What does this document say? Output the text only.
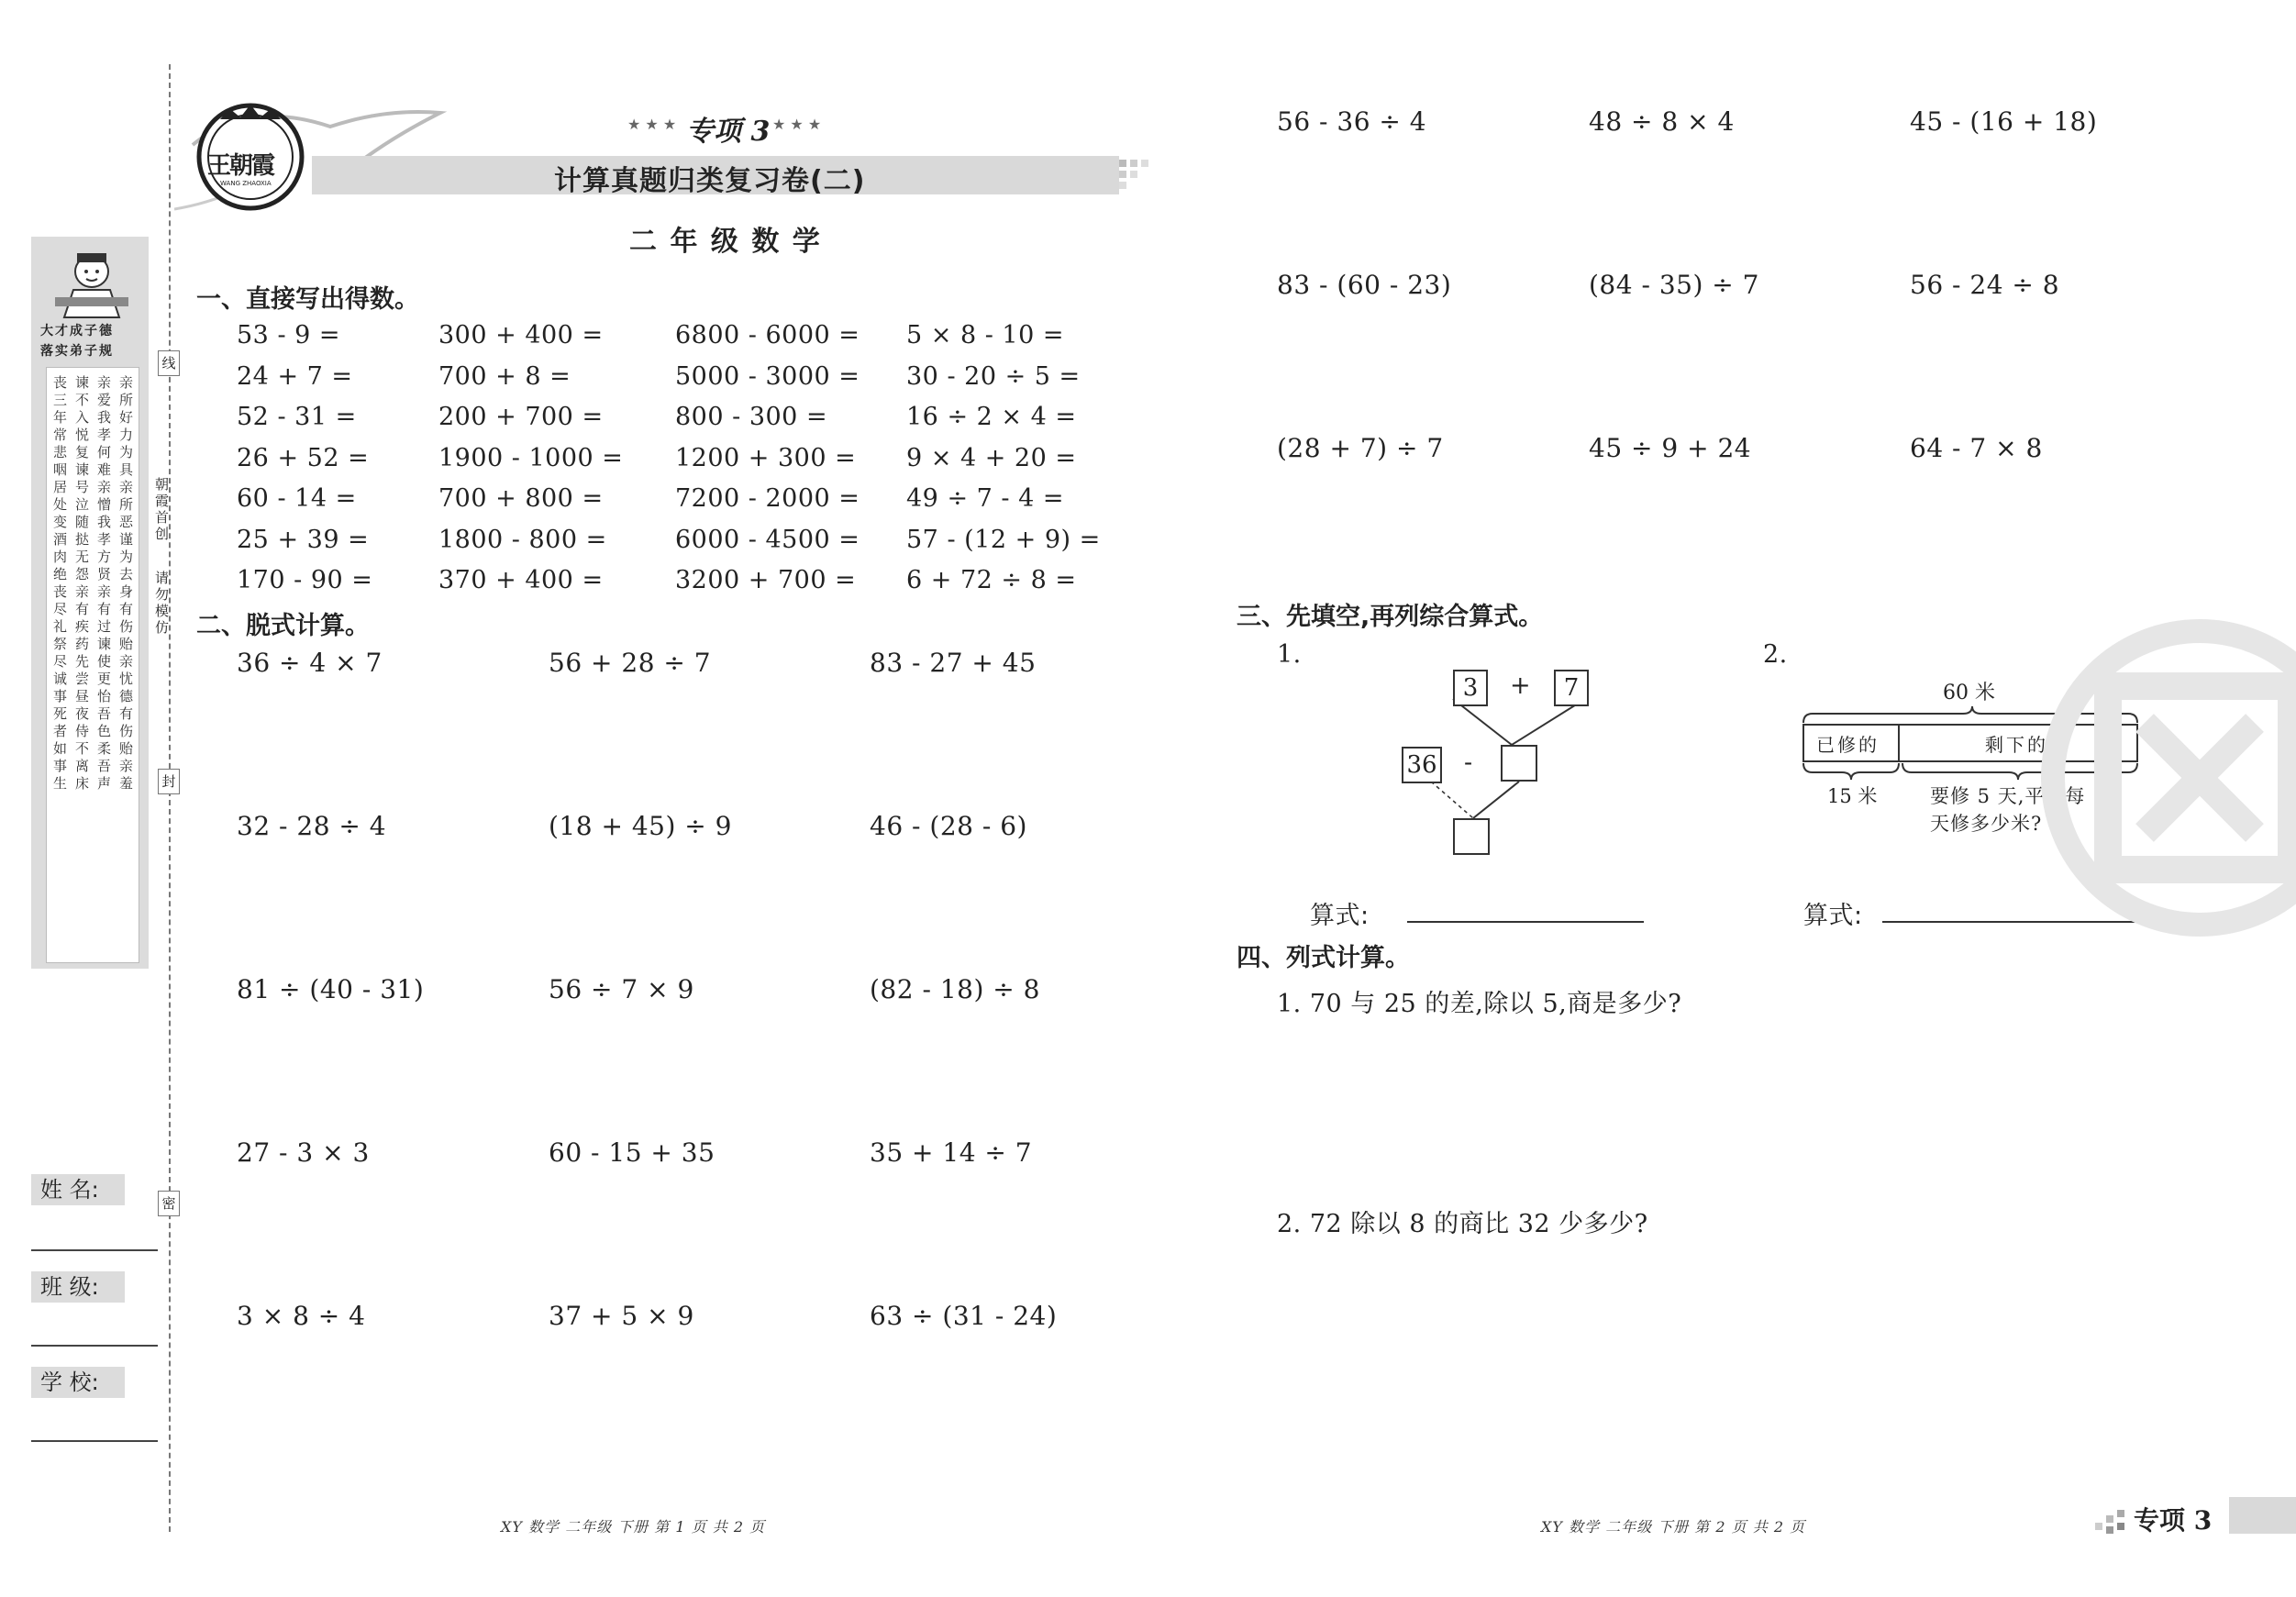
大才成子德
落实弟子规
亲所好力为具亲所恶谨为去身有伤贻亲忧德有伤贻亲羞
亲爱我孝何难亲憎我孝方贤亲有过谏使更怡吾色柔吾声
谏不入悦复谏号泣随挞无怨亲有疾药先尝昼夜侍不离床
丧三年常悲咽居处变酒肉绝丧尽礼祭尽诚事死者如事生
姓 名:
班 级:
学 校:
线
封
密
朝霞首创
请勿模仿
王朝霞
WANG ZHAOXIA
★ ★ ★ 专项 3 ★ ★ ★
计算真题归类复习卷(二)
二 年 级 数 学
一、直接写出得数。
二、脱式计算。	三、先填空,再列综合算式。
1.
3	+	7
36 -
算式:
2.
60 米
已修的	剩下的
15 米	要修 5 天,平均每
天修多少米?
算式:
四、列式计算。
1. 70 与 25 的差,除以 5,商是多少?
2. 72 除以 8 的商比 32 少多少?
XY 数学 二年级 下册 第 1 页 共 2 页	XY 数学 二年级 下册 第 2 页 共 2 页	专项 3
53 - 9 =	300 + 400 =	6800 - 6000 = 5 × 8 - 10 =
24 + 7 =	700 + 8 =	5000 - 3000 = 30 - 20 ÷ 5 =
52 - 31 =	200 + 700 =	800 - 300 =	16 ÷ 2 × 4 =
26 + 52 =	1900 - 1000 = 1200 + 300 = 9 × 4 + 20 =
60 - 14 =	700 + 800 =	7200 - 2000 = 49 ÷ 7 - 4 =
25 + 39 =	1800 - 800 =	6000 - 4500 = 57 - (12 + 9) =
170 - 90 =	370 + 400 =	3200 + 700 = 6 + 72 ÷ 8 =
36 ÷ 4 × 7	56 + 28 ÷ 7	83 - 27 + 45
32 - 28 ÷ 4	(18 + 45) ÷ 9	46 - (28 - 6)
81 ÷ (40 - 31)	56 ÷ 7 × 9	(82 - 18) ÷ 8
27 - 3 × 3	60 - 15 + 35	35 + 14 ÷ 7
3 × 8 ÷ 4	37 + 5 × 9	63 ÷ (31 - 24)
56 - 36 ÷ 4	48 ÷ 8 × 4	45 - (16 + 18)
83 - (60 - 23)	(84 - 35) ÷ 7	56 - 24 ÷ 8
(28 + 7) ÷ 7	45 ÷ 9 + 24	64 - 7 × 8
